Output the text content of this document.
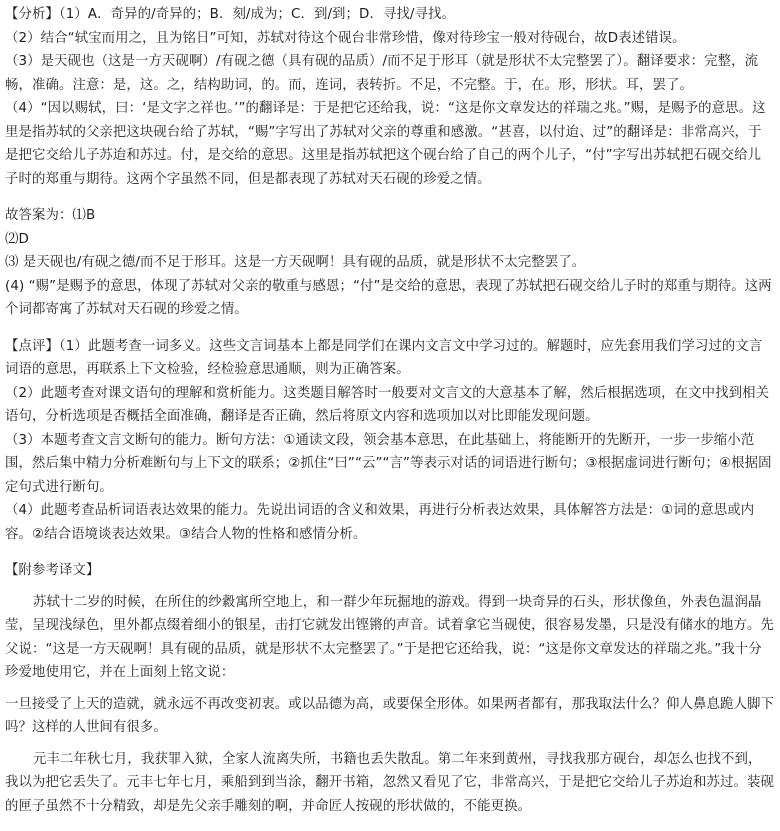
【分析】（1）A．奇异的/奇异的；B．刻/成为；C．到/到；D．寻找/寻找。

（2）结合“轼宝而用之，且为铭日”可知，苏轼对待这个砚台非常珍惜，像对待珍宝一般对待砚台，故D表述错误。

（3）是天砚也（这是一方天砚啊）/有砚之德（具有砚的品质）/而不足于形耳（就是形状不太完整罢了）。翻译要求：完整，流畅，准确。注意：是，这。之，结构助词，的。而，连词，表转折。不足，不完整。于，在。形，形状。耳，罢了。

（4）“因以赐轼，曰：‘是文字之祥也。’”的翻译是：于是把它还给我，说：“这是你文章发达的祥瑞之兆。”赐，是赐予的意思。这里是指苏轼的父亲把这块砚台给了苏轼，“赐”字写出了苏轼对父亲的尊重和感激。“甚喜，以付迨、过”的翻译是：非常高兴，于是把它交给儿子苏迨和苏过。付，是交给的意思。这里是指苏轼把这个砚台给了自己的两个儿子，“付”字写出苏轼把石砚交给儿子时的郑重与期待。这两个字虽然不同，但是都表现了苏轼对天石砚的珍爱之情。

故答案为：⑴B

⑵D

⑶ 是天砚也/有砚之德/而不足于形耳。这是一方天砚啊！具有砚的品质，就是形状不太完整罢了。

(4) “赐”是赐予的意思，体现了苏轼对父亲的敬重与感恩；“付”是交给的意思，表现了苏轼把石砚交给儿子时的郑重与期待。这两个词都寄寓了苏轼对天石砚的珍爱之情。

【点评】（1）此题考查一词多义。这些文言词基本上都是同学们在课内文言文中学习过的。解题时，应先套用我们学习过的文言词语的意思，再联系上下文检验，经检验意思通顺，则为正确答案。

（2）此题考查对课文语句的理解和赏析能力。这类题目解答时一般要对文言文的大意基本了解，然后根据选项，在文中找到相关语句，分析选项是否概括全面准确，翻译是否正确，然后将原文内容和选项加以对比即能发现问题。

（3）本题考查文言文断句的能力。断句方法：①通读文段，领会基本意思，在此基础上，将能断开的先断开，一步一步缩小范围，然后集中精力分析难断句与上下文的联系；②抓住“曰”“云”“言”等表示对话的词语进行断句；③根据虚词进行断句；④根据固定句式进行断句。

（4）此题考查品析词语表达效果的能力。先说出词语的含义和效果，再进行分析表达效果，具体解答方法是：①词的意思或内容。②结合语境谈表达效果。③结合人物的性格和感情分析。

【附参考译文】

苏轼十二岁的时候，在所住的纱縠寓所空地上，和一群少年玩掘地的游戏。得到一块奇异的石头，形状像鱼，外表色温润晶莹，呈现浅绿色，里外都点缀着细小的银星，击打它就发出铿锵的声音。试着拿它当砚使，很容易发墨，只是没有储水的地方。先父说：“这是一方天砚啊！具有砚的品质，就是形状不太完整罢了。”于是把它还给我，说：“这是你文章发达的祥瑞之兆。”我十分珍爱地使用它，并在上面刻上铭文说：

一旦接受了上天的造就，就永远不再改变初衷。或以品德为高，或要保全形体。如果两者都有，那我取法什么？仰人鼻息跪人脚下吗？这样的人世间有很多。

元丰二年秋七月，我获罪入狱，全家人流离失所，书籍也丢失散乱。第二年来到黄州，寻找我那方砚台，却怎么也找不到，我以为把它丢失了。元丰七年七月，乘船到到当涂，翻开书箱，忽然又看见了它，非常高兴，于是把它交给儿子苏迨和苏过。装砚的匣子虽然不十分精致，却是先父亲手雕刻的啊，并命匠人按砚的形状做的，不能更换。
